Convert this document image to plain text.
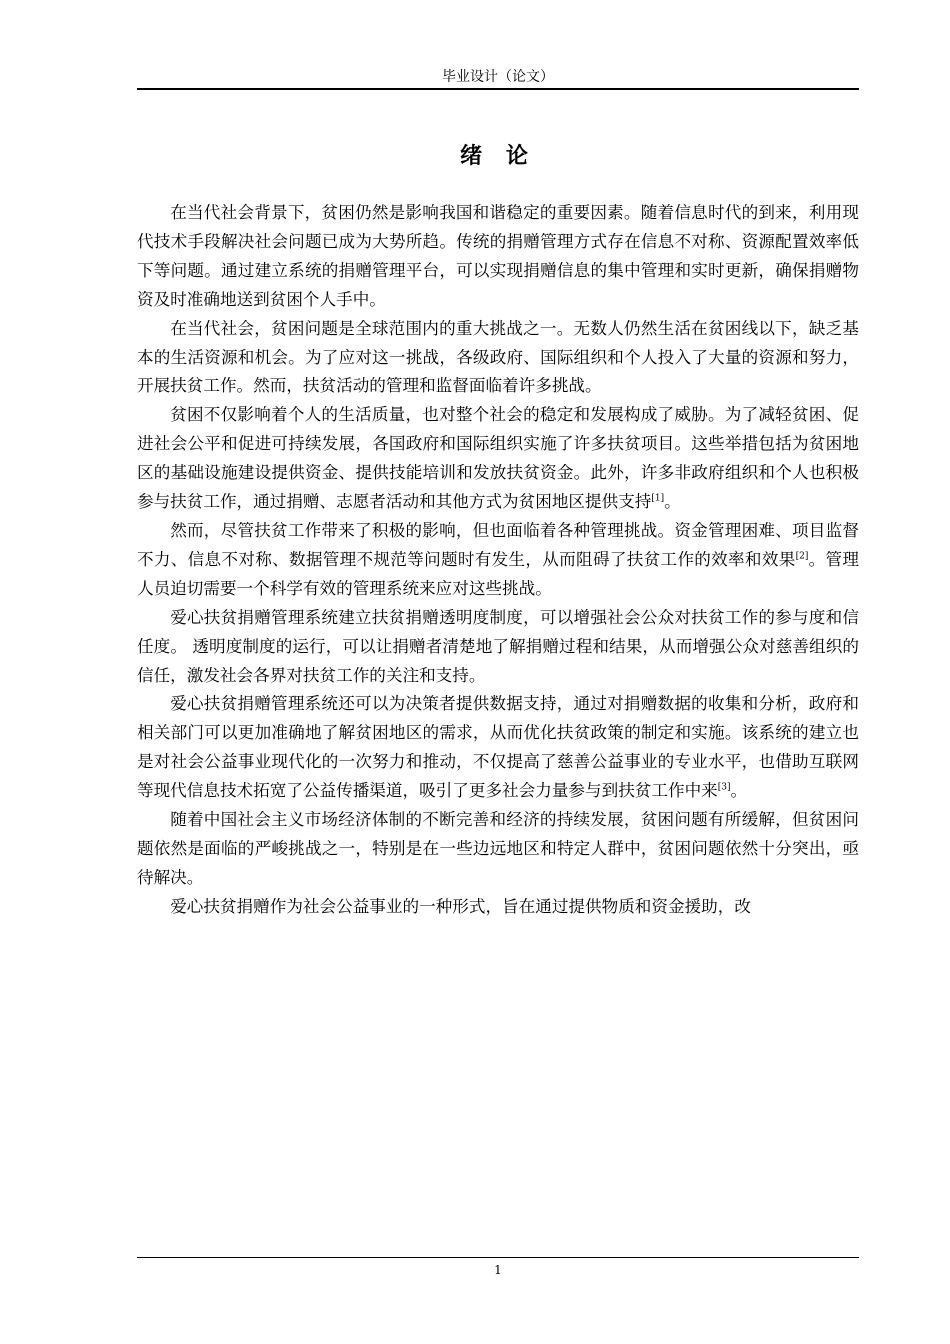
毕业设计（论文）
绪 论

在当代社会背景下，贫困仍然是影响我国和谐稳定的重要因素。随着信息时代的到来，利用现代技术手段解决社会问题已成为大势所趋。传统的捐赠管理方式存在信息不对称、资源配置效率低下等问题。通过建立系统的捐赠管理平台，可以实现捐赠信息的集中管理和实时更新，确保捐赠物资及时准确地送到贫困个人手中。

在当代社会，贫困问题是全球范围内的重大挑战之一。无数人仍然生活在贫困线以下，缺乏基本的生活资源和机会。为了应对这一挑战，各级政府、国际组织和个人投入了大量的资源和努力，开展扶贫工作。然而，扶贫活动的管理和监督面临着许多挑战。

贫困不仅影响着个人的生活质量，也对整个社会的稳定和发展构成了威胁。为了减轻贫困、促进社会公平和促进可持续发展，各国政府和国际组织实施了许多扶贫项目。这些举措包括为贫困地区的基础设施建设提供资金、提供技能培训和发放扶贫资金。此外，许多非政府组织和个人也积极参与扶贫工作，通过捐赠、志愿者活动和其他方式为贫困地区提供支持[1]。

然而，尽管扶贫工作带来了积极的影响，但也面临着各种管理挑战。资金管理困难、项目监督不力、信息不对称、数据管理不规范等问题时有发生，从而阻碍了扶贫工作的效率和效果[2]。管理人员迫切需要一个科学有效的管理系统来应对这些挑战。

爱心扶贫捐赠管理系统建立扶贫捐赠透明度制度，可以增强社会公众对扶贫工作的参与度和信任度。 透明度制度的运行，可以让捐赠者清楚地了解捐赠过程和结果，从而增强公众对慈善组织的信任，激发社会各界对扶贫工作的关注和支持。

爱心扶贫捐赠管理系统还可以为决策者提供数据支持，通过对捐赠数据的收集和分析，政府和相关部门可以更加准确地了解贫困地区的需求，从而优化扶贫政策的制定和实施。该系统的建立也是对社会公益事业现代化的一次努力和推动，不仅提高了慈善公益事业的专业水平，也借助互联网等现代信息技术拓宽了公益传播渠道，吸引了更多社会力量参与到扶贫工作中来[3]。

随着中国社会主义市场经济体制的不断完善和经济的持续发展，贫困问题有所缓解，但贫困问题依然是面临的严峻挑战之一，特别是在一些边远地区和特定人群中，贫困问题依然十分突出，亟待解决。

爱心扶贫捐赠作为社会公益事业的一种形式，旨在通过提供物质和资金援助，改

1
